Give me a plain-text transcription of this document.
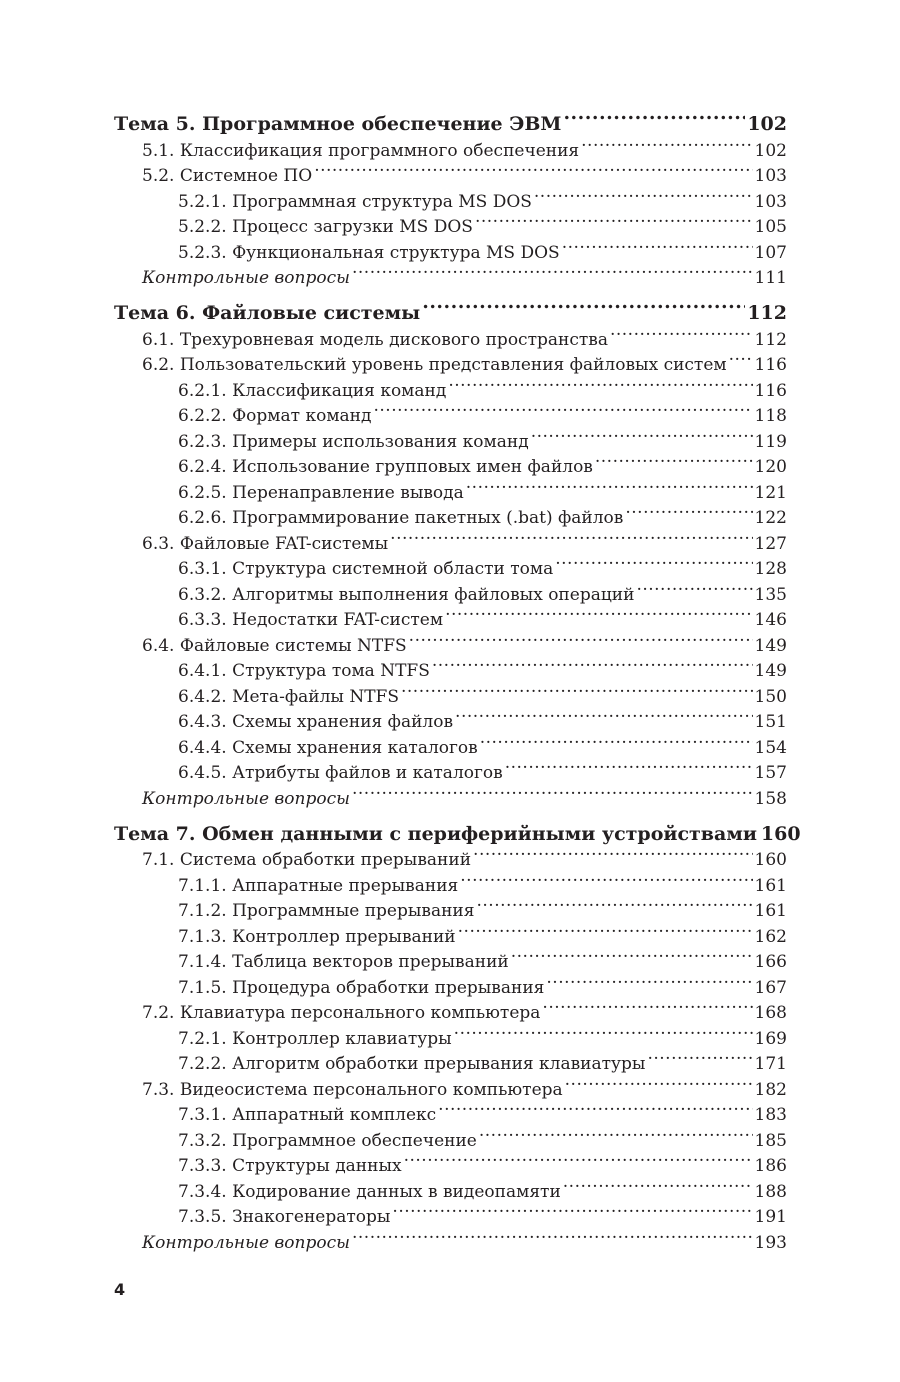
Тема 5. Программное обеспечение ЭВМ .....	102
5.1. Классификация программного обеспечения .....	102
5.2. Системное ПО .....	103
5.2.1. Программная структура MS DOS .....	103
5.2.2. Процесс загрузки MS DOS .....	105
5.2.3. Функциональная структура MS DOS .....	107
Контрольные вопросы .....	111
Тема 6. Файловые системы .....	112
6.1. Трехуровневая модель дискового пространства .....	112
6.2. Пользовательский уровень представления файловых систем ..... 116
6.2.1. Классификация команд .....	116
6.2.2. Формат команд .....	118
6.2.3. Примеры использования команд .....	119
6.2.4. Использование групповых имен файлов .....	120
6.2.5. Перенаправление вывода .....	121
6.2.6. Программирование пакетных (.bat) файлов .....	122
6.3. Файловые FAT-системы .....	127
6.3.1. Структура системной области тома .....	128
6.3.2. Алгоритмы выполнения файловых операций .....	135
6.3.3. Недостатки FAT-систем .....	146
6.4. Файловые системы NTFS .....	149
6.4.1. Структура тома NTFS .....	149
6.4.2. Мета-файлы NTFS .....	150
6.4.3. Схемы хранения файлов .....	151
6.4.4. Схемы хранения каталогов .....	154
6.4.5. Атрибуты файлов и каталогов .....	157
Контрольные вопросы .....	158
Тема 7. Обмен данными с периферийными устройствами 160
7.1. Система обработки прерываний .....	160
7.1.1. Аппаратные прерывания .....	161
7.1.2. Программные прерывания .....	161
7.1.3. Контроллер прерываний .....	162
7.1.4. Таблица векторов прерываний .....	166
7.1.5. Процедура обработки прерывания .....	167
7.2. Клавиатура персонального компьютера .....	168
7.2.1. Контроллер клавиатуры .....	169
7.2.2. Алгоритм обработки прерывания клавиатуры .....	171
7.3. Видеосистема персонального компьютера .....	182
7.3.1. Аппаратный комплекс .....	183
7.3.2. Программное обеспечение .....	185
7.3.3. Структуры данных .....	186
7.3.4. Кодирование данных в видеопамяти .....	188
7.3.5. Знакогенераторы .....	191
Контрольные вопросы .....	193
4
